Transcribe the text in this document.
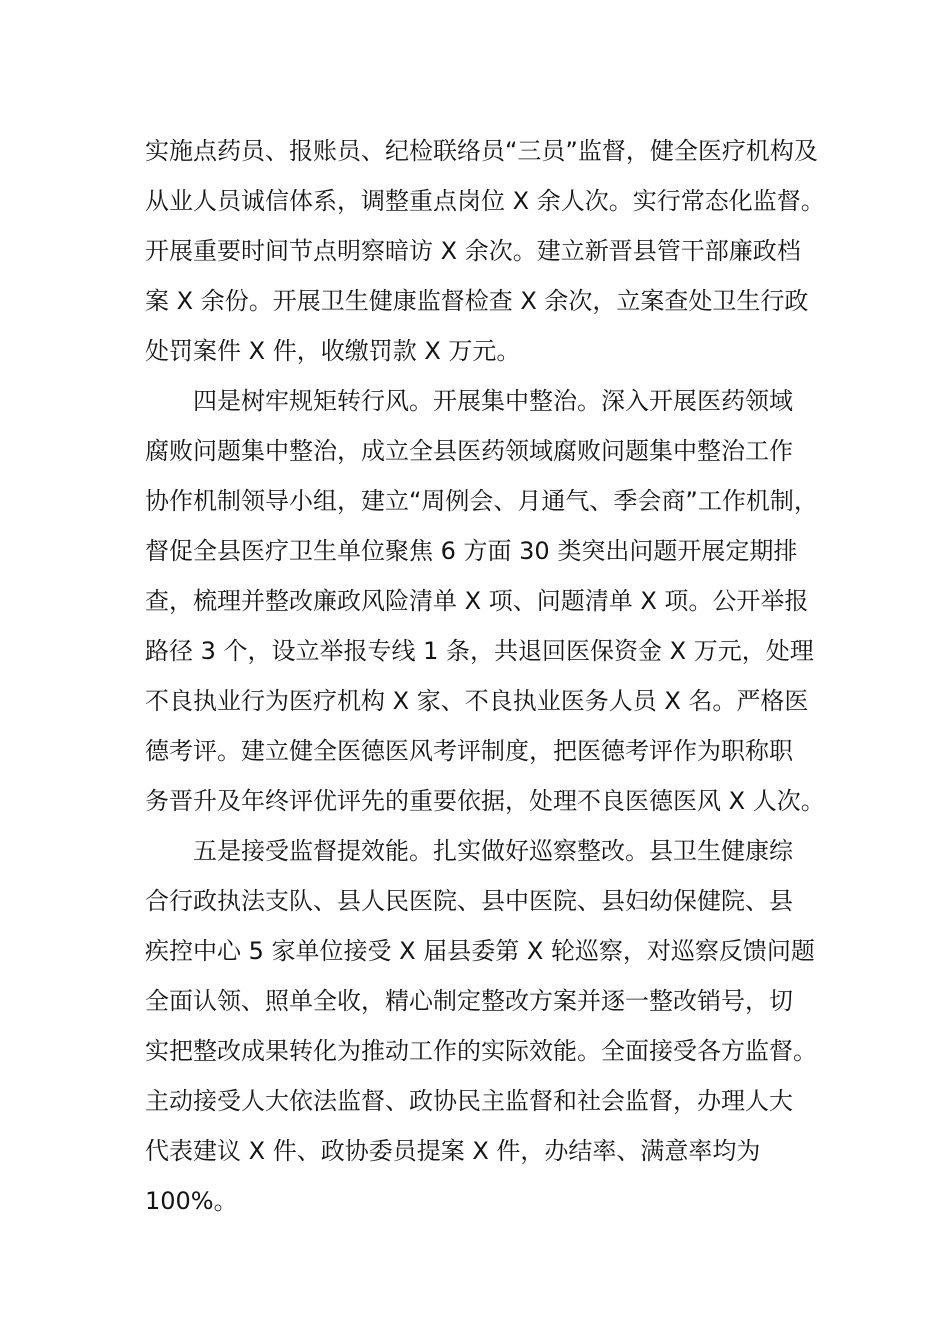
实施点药员、报账员、纪检联络员“三员”监督，健全医疗机构及
从业人员诚信体系，调整重点岗位 X 余人次。实行常态化监督。
开展重要时间节点明察暗访 X 余次。建立新晋县管干部廉政档
案 X 余份。开展卫生健康监督检查 X 余次，立案查处卫生行政
处罚案件 X 件，收缴罚款 X 万元。
四是树牢规矩转行风。开展集中整治。深入开展医药领域
腐败问题集中整治，成立全县医药领域腐败问题集中整治工作
协作机制领导小组，建立“周例会、月通气、季会商”工作机制，
督促全县医疗卫生单位聚焦 6 方面 30 类突出问题开展定期排
查，梳理并整改廉政风险清单 X 项、问题清单 X 项。公开举报
路径 3 个，设立举报专线 1 条，共退回医保资金 X 万元，处理
不良执业行为医疗机构 X 家、不良执业医务人员 X 名。严格医
德考评。建立健全医德医风考评制度，把医德考评作为职称职
务晋升及年终评优评先的重要依据，处理不良医德医风 X 人次。
五是接受监督提效能。扎实做好巡察整改。县卫生健康综
合行政执法支队、县人民医院、县中医院、县妇幼保健院、县
疾控中心 5 家单位接受 X 届县委第 X 轮巡察，对巡察反馈问题
全面认领、照单全收，精心制定整改方案并逐一整改销号，切
实把整改成果转化为推动工作的实际效能。全面接受各方监督。
主动接受人大依法监督、政协民主监督和社会监督，办理人大
代表建议 X 件、政协委员提案 X 件，办结率、满意率均为
100%。
